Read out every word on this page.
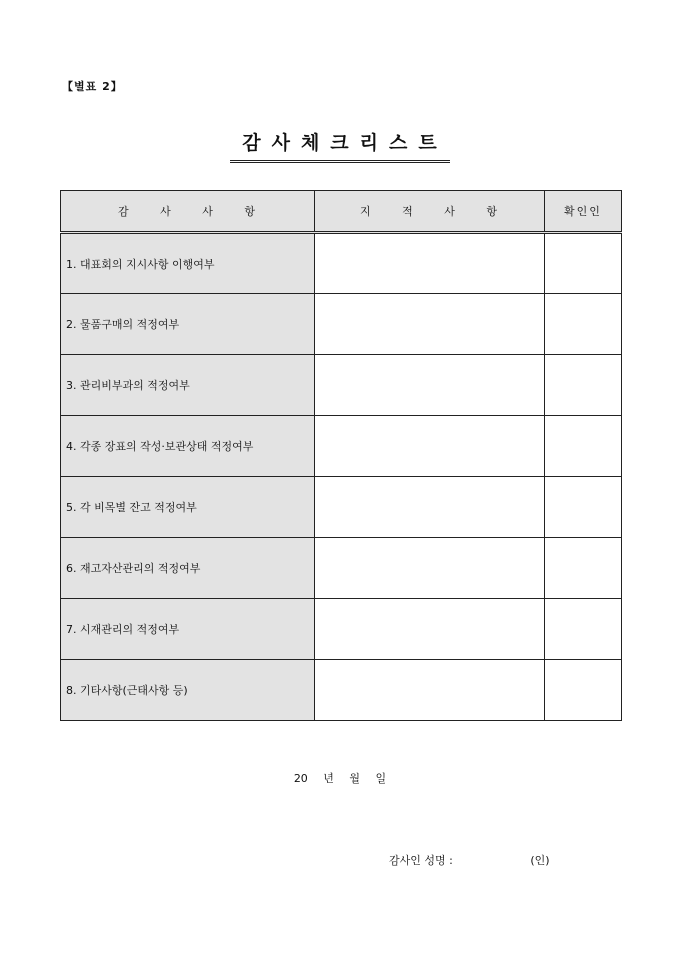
【별표 2】
감사체크리스트
감 사 사 항	지 적 사 항	확인인
1. 대표회의 지시사항 이행여부		
2. 물품구매의 적정여부		
3. 관리비부과의 적정여부		
4. 각종 장표의 작성·보관상태 적정여부		
5. 각 비목별 잔고 적정여부		
6. 재고자산관리의 적정여부		
7. 시재관리의 적정여부		
8. 기타사항(근태사항 등)		
20 년 월 일
감사인 성명 :	(인)
